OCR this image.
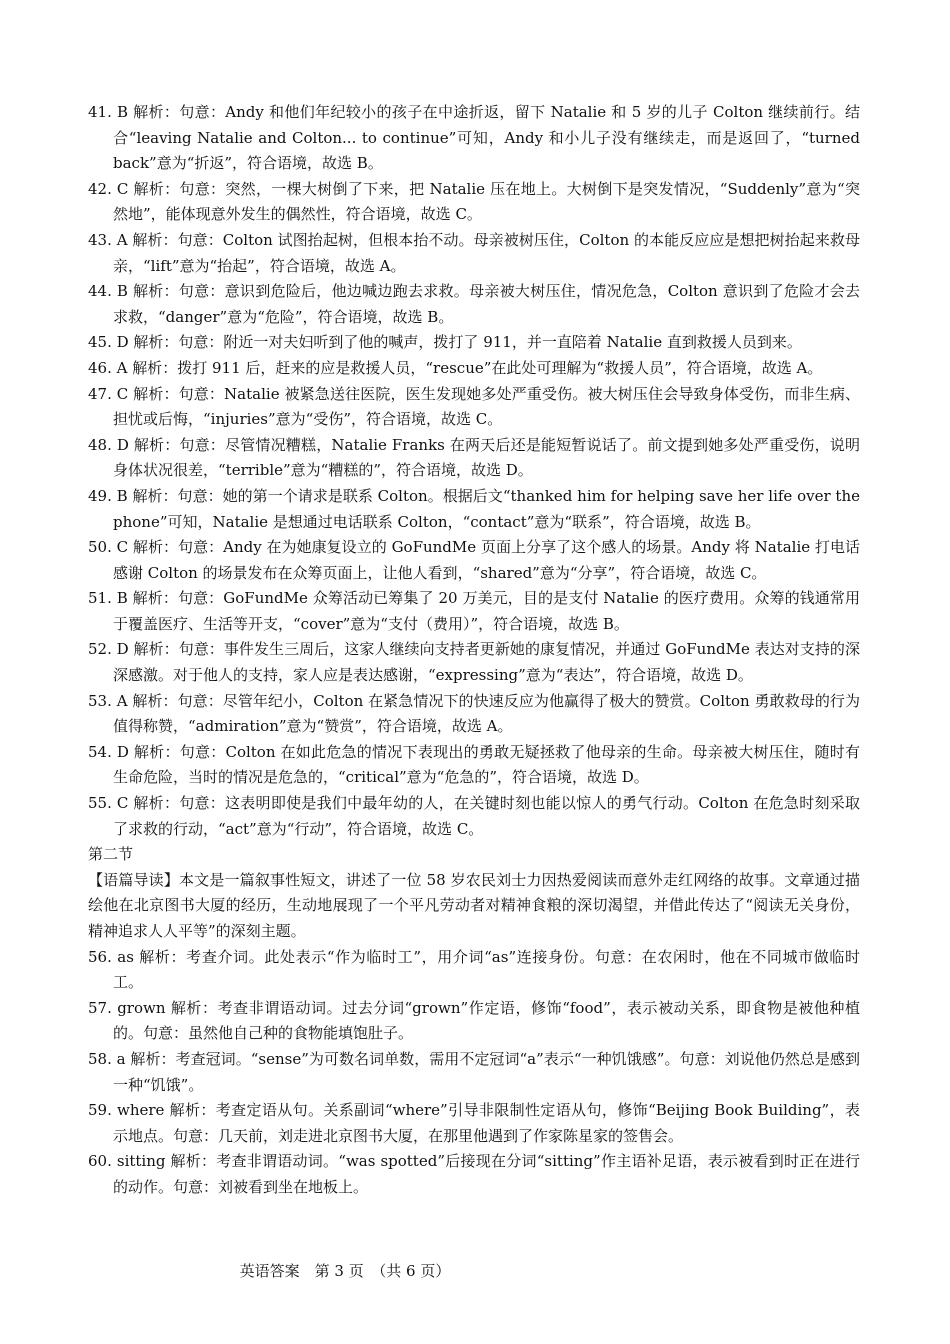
41. B 解析：句意：Andy 和他们年纪较小的孩子在中途折返，留下 Natalie 和 5 岁的儿子 Colton 继续前行。结合“leaving Natalie and Colton... to continue”可知，Andy 和小儿子没有继续走，而是返回了，“turned back”意为“折返”，符合语境，故选 B。
42. C 解析：句意：突然，一棵大树倒了下来，把 Natalie 压在地上。大树倒下是突发情况，“Suddenly”意为“突然地”，能体现意外发生的偶然性，符合语境，故选 C。
43. A 解析：句意：Colton 试图抬起树，但根本抬不动。母亲被树压住，Colton 的本能反应应是想把树抬起来救母亲，“lift”意为“抬起”，符合语境，故选 A。
44. B 解析：句意：意识到危险后，他边喊边跑去求救。母亲被大树压住，情况危急，Colton 意识到了危险才会去求救，“danger”意为“危险”，符合语境，故选 B。
45. D 解析：句意：附近一对夫妇听到了他的喊声，拨打了 911，并一直陪着 Natalie 直到救援人员到来。
46. A 解析：拨打 911 后，赶来的应是救援人员，“rescue”在此处可理解为“救援人员”，符合语境，故选 A。
47. C 解析：句意：Natalie 被紧急送往医院，医生发现她多处严重受伤。被大树压住会导致身体受伤，而非生病、担忧或后悔，“injuries”意为“受伤”，符合语境，故选 C。
48. D 解析：句意：尽管情况糟糕，Natalie Franks 在两天后还是能短暂说话了。前文提到她多处严重受伤，说明身体状况很差，“terrible”意为“糟糕的”，符合语境，故选 D。
49. B 解析：句意：她的第一个请求是联系 Colton。根据后文“thanked him for helping save her life over the phone”可知，Natalie 是想通过电话联系 Colton，“contact”意为“联系”，符合语境，故选 B。
50. C 解析：句意：Andy 在为她康复设立的 GoFundMe 页面上分享了这个感人的场景。Andy 将 Natalie 打电话感谢 Colton 的场景发布在众筹页面上，让他人看到，“shared”意为“分享”，符合语境，故选 C。
51. B 解析：句意：GoFundMe 众筹活动已筹集了 20 万美元，目的是支付 Natalie 的医疗费用。众筹的钱通常用于覆盖医疗、生活等开支，“cover”意为“支付（费用）”，符合语境，故选 B。
52. D 解析：句意：事件发生三周后，这家人继续向支持者更新她的康复情况，并通过 GoFundMe 表达对支持的深深感激。对于他人的支持，家人应是表达感谢，“expressing”意为“表达”，符合语境，故选 D。
53. A 解析：句意：尽管年纪小，Colton 在紧急情况下的快速反应为他赢得了极大的赞赏。Colton 勇敢救母的行为值得称赞，“admiration”意为“赞赏”，符合语境，故选 A。
54. D 解析：句意：Colton 在如此危急的情况下表现出的勇敢无疑拯救了他母亲的生命。母亲被大树压住，随时有生命危险，当时的情况是危急的，“critical”意为“危急的”，符合语境，故选 D。
55. C 解析：句意：这表明即使是我们中最年幼的人，在关键时刻也能以惊人的勇气行动。Colton 在危急时刻采取了求救的行动，“act”意为“行动”，符合语境，故选 C。
第二节
【语篇导读】本文是一篇叙事性短文，讲述了一位 58 岁农民刘士力因热爱阅读而意外走红网络的故事。文章通过描绘他在北京图书大厦的经历，生动地展现了一个平凡劳动者对精神食粮的深切渴望，并借此传达了“阅读无关身份，精神追求人人平等”的深刻主题。
56. as 解析：考查介词。此处表示“作为临时工”，用介词“as”连接身份。句意：在农闲时，他在不同城市做临时工。
57. grown 解析：考查非谓语动词。过去分词“grown”作定语，修饰“food”，表示被动关系，即食物是被他种植的。句意：虽然他自己种的食物能填饱肚子。
58. a 解析：考查冠词。“sense”为可数名词单数，需用不定冠词“a”表示“一种饥饿感”。句意：刘说他仍然总是感到一种“饥饿”。
59. where 解析：考查定语从句。关系副词“where”引导非限制性定语从句，修饰“Beijing Book Building”，表示地点。句意：几天前，刘走进北京图书大厦，在那里他遇到了作家陈星家的签售会。
60. sitting 解析：考查非谓语动词。“was spotted”后接现在分词“sitting”作主语补足语，表示被看到时正在进行的动作。句意：刘被看到坐在地板上。
英语答案　第 3 页　（共 6 页）
